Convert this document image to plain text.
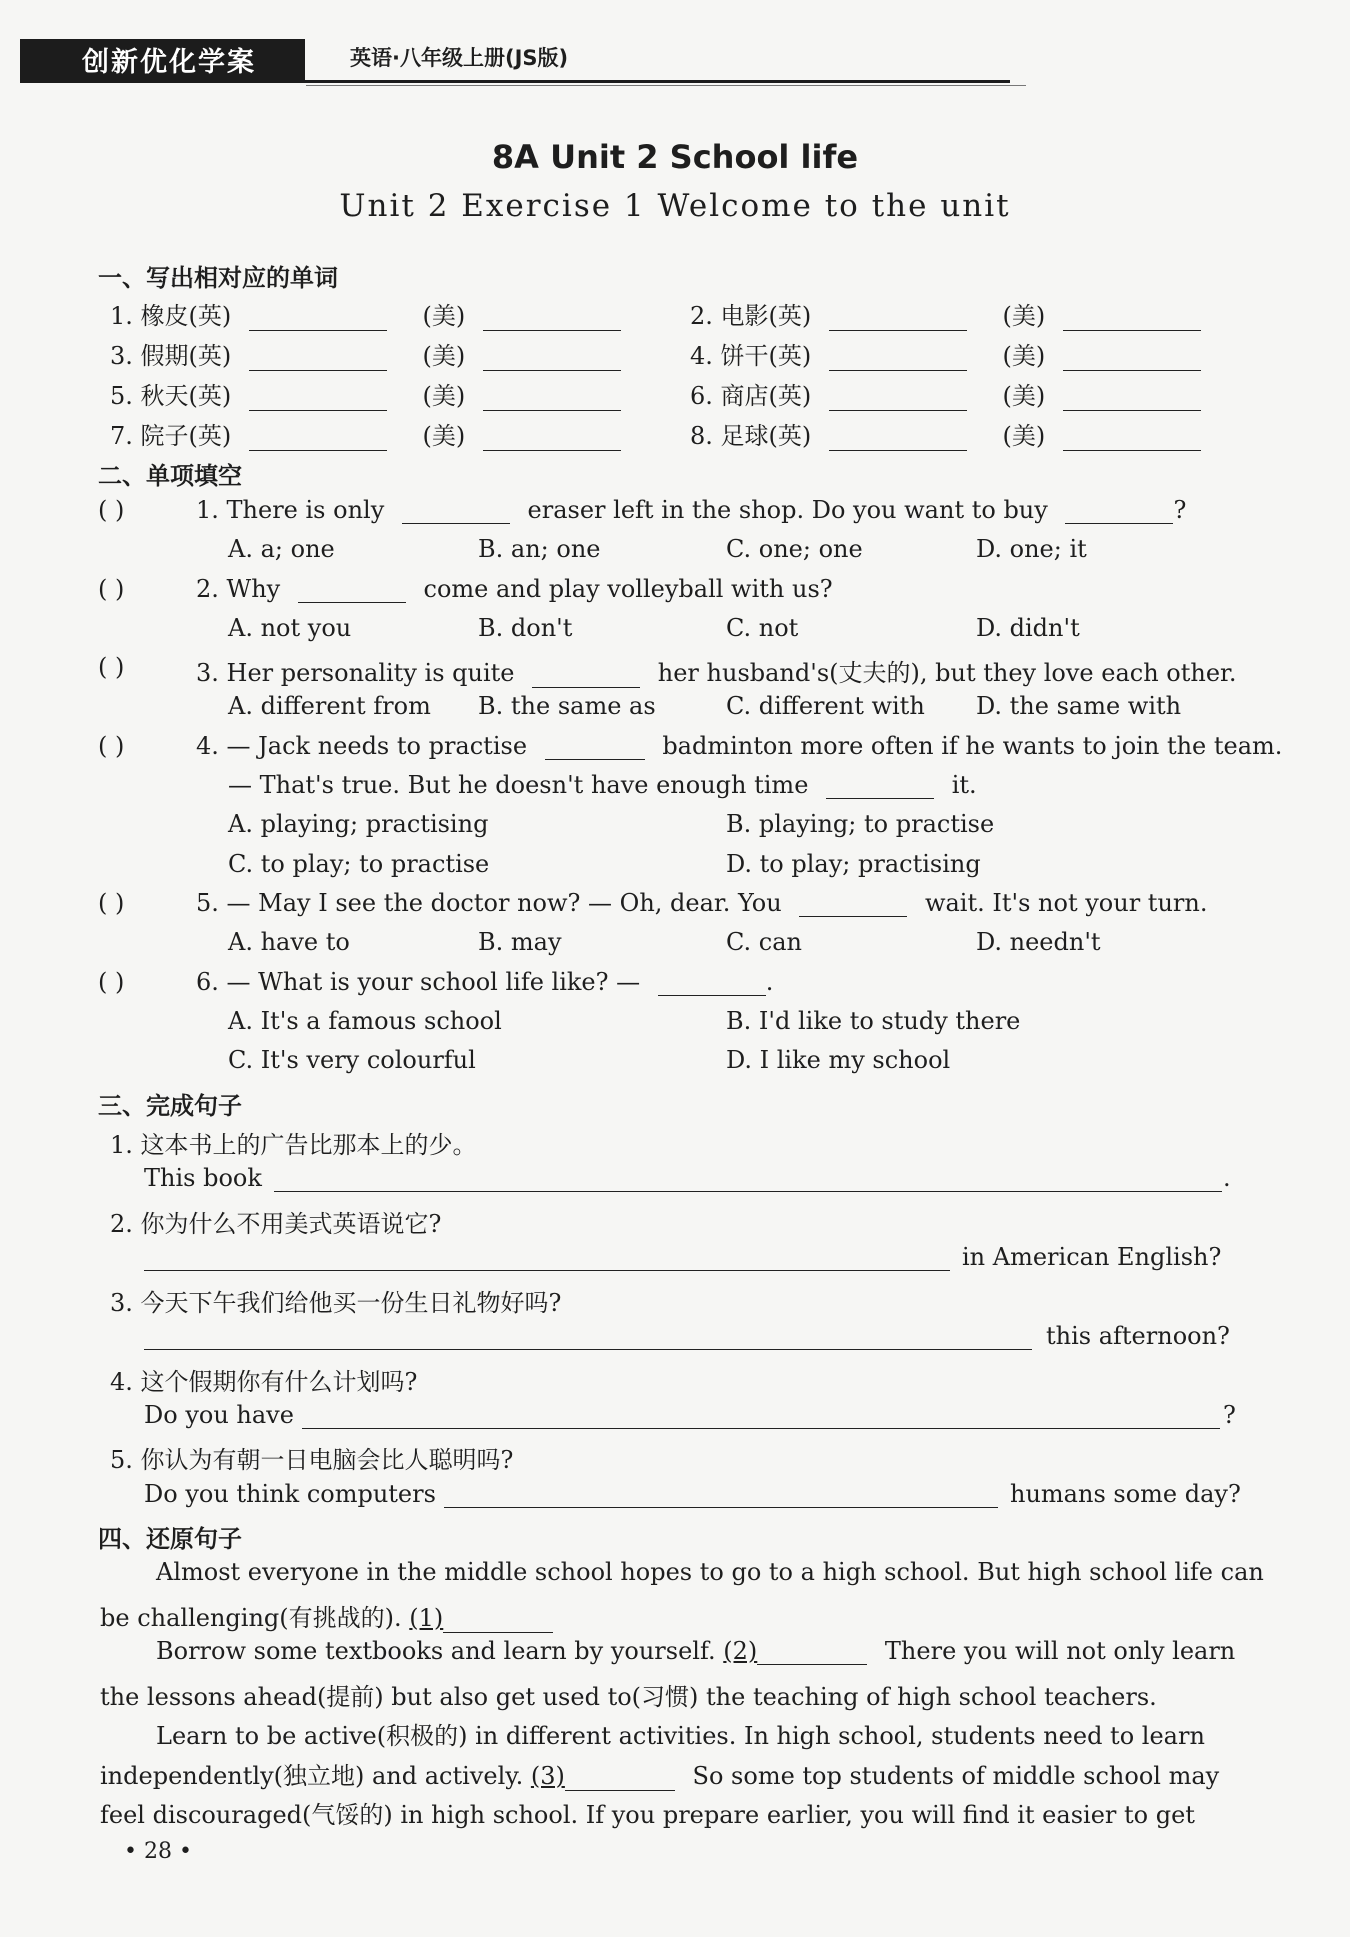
创新优化学案	英语·八年级上册(JS版)
8A Unit 2 School life
Unit 2 Exercise 1 Welcome to the unit
一、写出相对应的单词
1. 橡皮(英)	(美)	2. 电影(英)	(美)
3. 假期(英)	(美)	4. 饼干(英)	(美)
5. 秋天(英)	(美)	6. 商店(英)	(美)
7. 院子(英)	(美)	8. 足球(英)	(美)
二、单项填空
( )	1. There is only	eraser left in the shop. Do you want to buy	?
A. a; one	B. an; one	C. one; one	D. one; it
( )	2. Why	come and play volleyball with us?
A. not you	B. don't	C. not	D. didn't
( )	3. Her personality is quite	her husband's(丈夫的), but they love each other.
A. different from B. the same as	C. different with D. the same with
( )	4. — Jack needs to practise	badminton more often if he wants to join the team.
— That's true. But he doesn't have enough time	it.
A. playing; practising	B. playing; to practise
C. to play; to practise	D. to play; practising
( )	5. — May I see the doctor now? — Oh, dear. You	wait. It's not your turn.
A. have to	B. may	C. can	D. needn't
( )	6. — What is your school life like? —	.
A. It's a famous school	B. I'd like to study there
C. It's very colourful	D. I like my school
三、完成句子
1. 这本书上的广告比那本上的少。
This book	.
2. 你为什么不用美式英语说它?
in American English?
3. 今天下午我们给他买一份生日礼物好吗?
this afternoon?
4. 这个假期你有什么计划吗?
Do you have	?
5. 你认为有朝一日电脑会比人聪明吗?
Do you think computers	humans some day?
四、还原句子
Almost everyone in the middle school hopes to go to a high school. But high school life can
be challenging(有挑战的). (1)
Borrow some textbooks and learn by yourself. (2)	There you will not only learn
the lessons ahead(提前) but also get used to(习惯) the teaching of high school teachers.
Learn to be active(积极的) in different activities. In high school, students need to learn
independently(独立地) and actively. (3)	So some top students of middle school may
feel discouraged(气馁的) in high school. If you prepare earlier, you will find it easier to get
• 28 •
